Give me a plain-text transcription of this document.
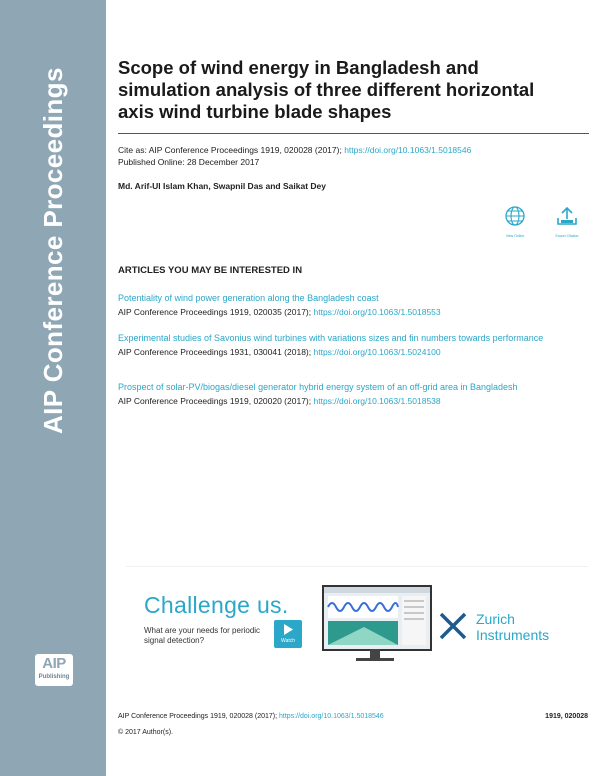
AIP Conference Proceedings
AIP
Publishing
Scope of wind energy in Bangladesh and simulation analysis of three different horizontal axis wind turbine blade shapes
Cite as: AIP Conference Proceedings 1919, 020028 (2017); https://doi.org/10.1063/1.5018546
Published Online: 28 December 2017
Md. Arif-Ul Islam Khan, Swapnil Das and Saikat Dey
View Online	Export Citation
ARTICLES YOU MAY BE INTERESTED IN
Potentiality of wind power generation along the Bangladesh coast
AIP Conference Proceedings 1919, 020035 (2017); https://doi.org/10.1063/1.5018553
Experimental studies of Savonius wind turbines with variations sizes and fin numbers towards performance
AIP Conference Proceedings 1931, 030041 (2018); https://doi.org/10.1063/1.5024100
Prospect of solar-PV/biogas/diesel generator hybrid energy system of an off-grid area in Bangladesh
AIP Conference Proceedings 1919, 020020 (2017); https://doi.org/10.1063/1.5018538
Challenge us.
What are your needs for periodic signal detection?	Watch
Zurich
Instruments
AIP Conference Proceedings 1919, 020028 (2017); https://doi.org/10.1063/1.5018546	1919, 020028
© 2017 Author(s).
